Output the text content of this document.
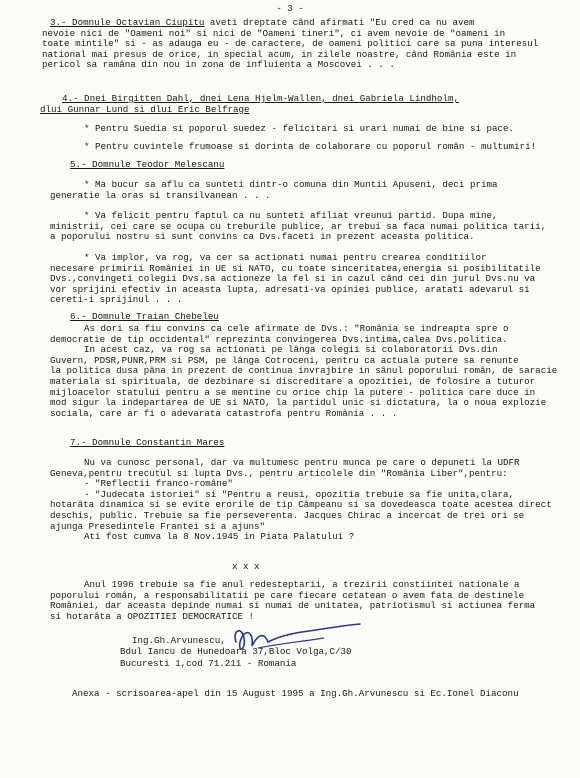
- 3 -

3.- Domnule Octavian Ciupitu aveti dreptate când afirmati "Eu cred ca nu avem

nevoie nici de "Oameni noi" si nici de "Oameni tineri", ci avem nevoie de "oameni in

toate mintile" si - as adauga eu - de caractere, de oameni politici care sa puna interesul

national mai presus de orice, in special acum, in zilele noastre, când România este in

pericol sa ramâna din nou in zona de influienta a Moscovei . . .

4.- Dnei Birgitten Dahl, dnei Lena Hjelm-Wallen, dnei Gabriela Lindholm,

dlui Gunnar Lund si dlui Eric Belfrage

* Pentru Suedia si poporul suedez - felicitari si urari numai de bine si pace.

* Pentru cuvintele frumoase si dorinta de colaborare cu poporul român - multumiri!

5.- Domnule Teodor Melescanu

* Ma bucur sa aflu ca sunteti dintr-o comuna din Muntii Apuseni, deci prima

generatie la oras si transilvanean . . .

* Va felicit pentru faptul ca nu sunteti afiliat vreunui partid. Dupa mine,

ministrii, cei care se ocupa cu treburile publice, ar trebui sa faca numai politica tarii,

a poporului nostru si sunt convins ca Dvs.faceti in prezent aceasta politica.

* Va implor, va rog, va cer sa actionati numai pentru crearea conditiilor

necesare primirii României in UE si NATO, cu toate sinceritatea,energia si posibilitatile

Dvs.,convingeti colegii Dvs.sa actioneze la fel si in cazul când cei din jurul Dvs.nu va

vor sprijini efectiv in aceasta lupta, adresati-va opiniei publice, aratati adevarul si

cereti-i sprijinul . . .

6.- Domnule Traian Chebeleu

As dori sa fiu convins ca cele afirmate de Dvs.: "România se indreapta spre o

democratie de tip occidental" reprezinta convingerea Dvs.intima,calea Dvs.politica.

In acest caz, va rog sa actionati pe lânga colegii si colaboratorii Dvs.din

Guvern, PDSR,PUNR,PRM si PSM, pe lânga Cotroceni, pentru ca actuala putere sa renunte

la politica dusa pâna in prezent de continua invrajbire in sânul poporului român, de saracie

materiala si spirituala, de dezbinare si discreditare a opozitiei, de folosire a tuturor

mijloacelor statului pentru a se mentine cu orice chip la putere - politica care duce in

mod sigur la indepartarea de UE si NATO, la partidul unic si dictatura, la o noua explozie

sociala, care ar fi o adevarata catastrofa pentru România . . .

7.- Domnule Constantin Mares

Nu va cunosc personal, dar va multumesc pentru munca pe care o depuneti la UDFR

Geneva,pentru trecutul si lupta Dvs., pentru articolele din "România Liber",pentru:

- "Reflectii franco-române"

- "Judecata istoriei" si "Pentru a reusi, opozitia trebuie sa fie unita,clara,

hotarâta dinamica si se evite erorile de tip Câmpeanu si sa dovedeasca toate acestea direct

deschis, public. Trebuie sa fie perseverenta. Jacques Chirac a incercat de trei ori se

ajunga Presedintele Frantei si a ajuns"

Ati fost cumva la 8 Nov.1945 in Piata Palatului ?

x x x

Anul 1996 trebuie sa fie anul redesteptarii, a trezirii constiintei nationale a

poporului român, a responsabilitatii pe care fiecare cetatean o avem fata de destinele

României, dar aceasta depinde numai si numai de unitatea, patriotismul si actiunea ferma

si hotarâta a OPOZITIEI DEMOCRATICE !

Ing.Gh.Arvunescu,
Bdul Iancu de Hunedoara 37,Bloc Volga,C/30
Bucuresti 1,cod 71.211 - Romania
Anexa - scrisoarea-apel din 15 August 1995 a Ing.Gh.Arvunescu si Ec.Ionel Diaconu
